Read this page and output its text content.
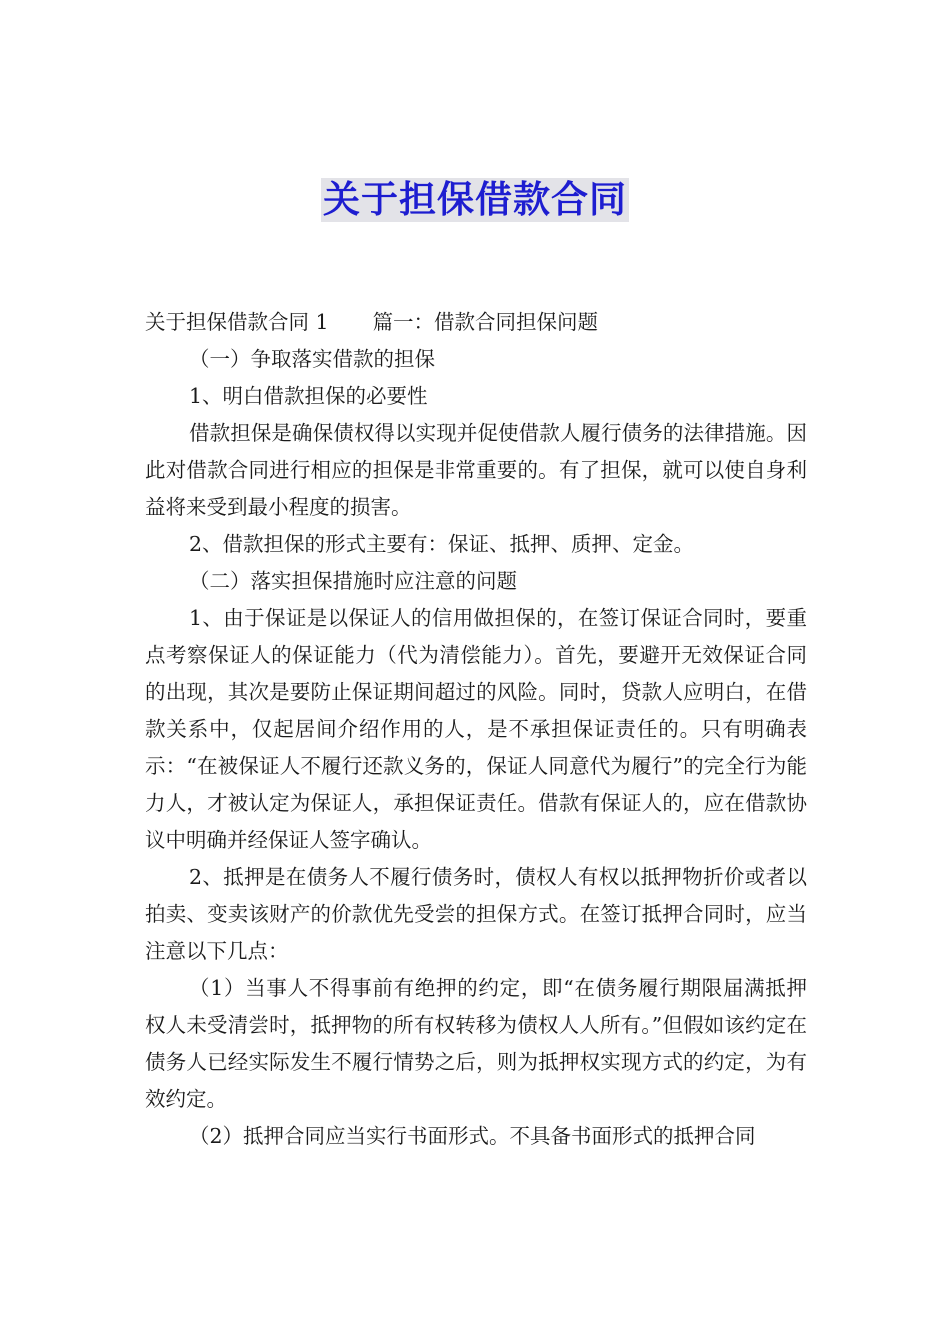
关于担保借款合同

关于担保借款合同 1 篇一：借款合同担保问题

（一）争取落实借款的担保

1、明白借款担保的必要性

借款担保是确保债权得以实现并促使借款人履行债务的法律措施。因此对借款合同进行相应的担保是非常重要的。有了担保，就可以使自身利益将来受到最小程度的损害。

2、借款担保的形式主要有：保证、抵押、质押、定金。

（二）落实担保措施时应注意的问题

1、由于保证是以保证人的信用做担保的，在签订保证合同时，要重点考察保证人的保证能力（代为清偿能力）。首先，要避开无效保证合同的出现，其次是要防止保证期间超过的风险。同时，贷款人应明白，在借款关系中，仅起居间介绍作用的人，是不承担保证责任的。只有明确表示：“在被保证人不履行还款义务的，保证人同意代为履行”的完全行为能力人，才被认定为保证人，承担保证责任。借款有保证人的，应在借款协议中明确并经保证人签字确认。

2、抵押是在债务人不履行债务时，债权人有权以抵押物折价或者以拍卖、变卖该财产的价款优先受尝的担保方式。在签订抵押合同时，应当注意以下几点：

（1）当事人不得事前有绝押的约定，即“在债务履行期限届满抵押权人未受清尝时，抵押物的所有权转移为债权人人所有。”但假如该约定在债务人已经实际发生不履行情势之后，则为抵押权实现方式的约定，为有效约定。

（2）抵押合同应当实行书面形式。不具备书面形式的抵押合同
